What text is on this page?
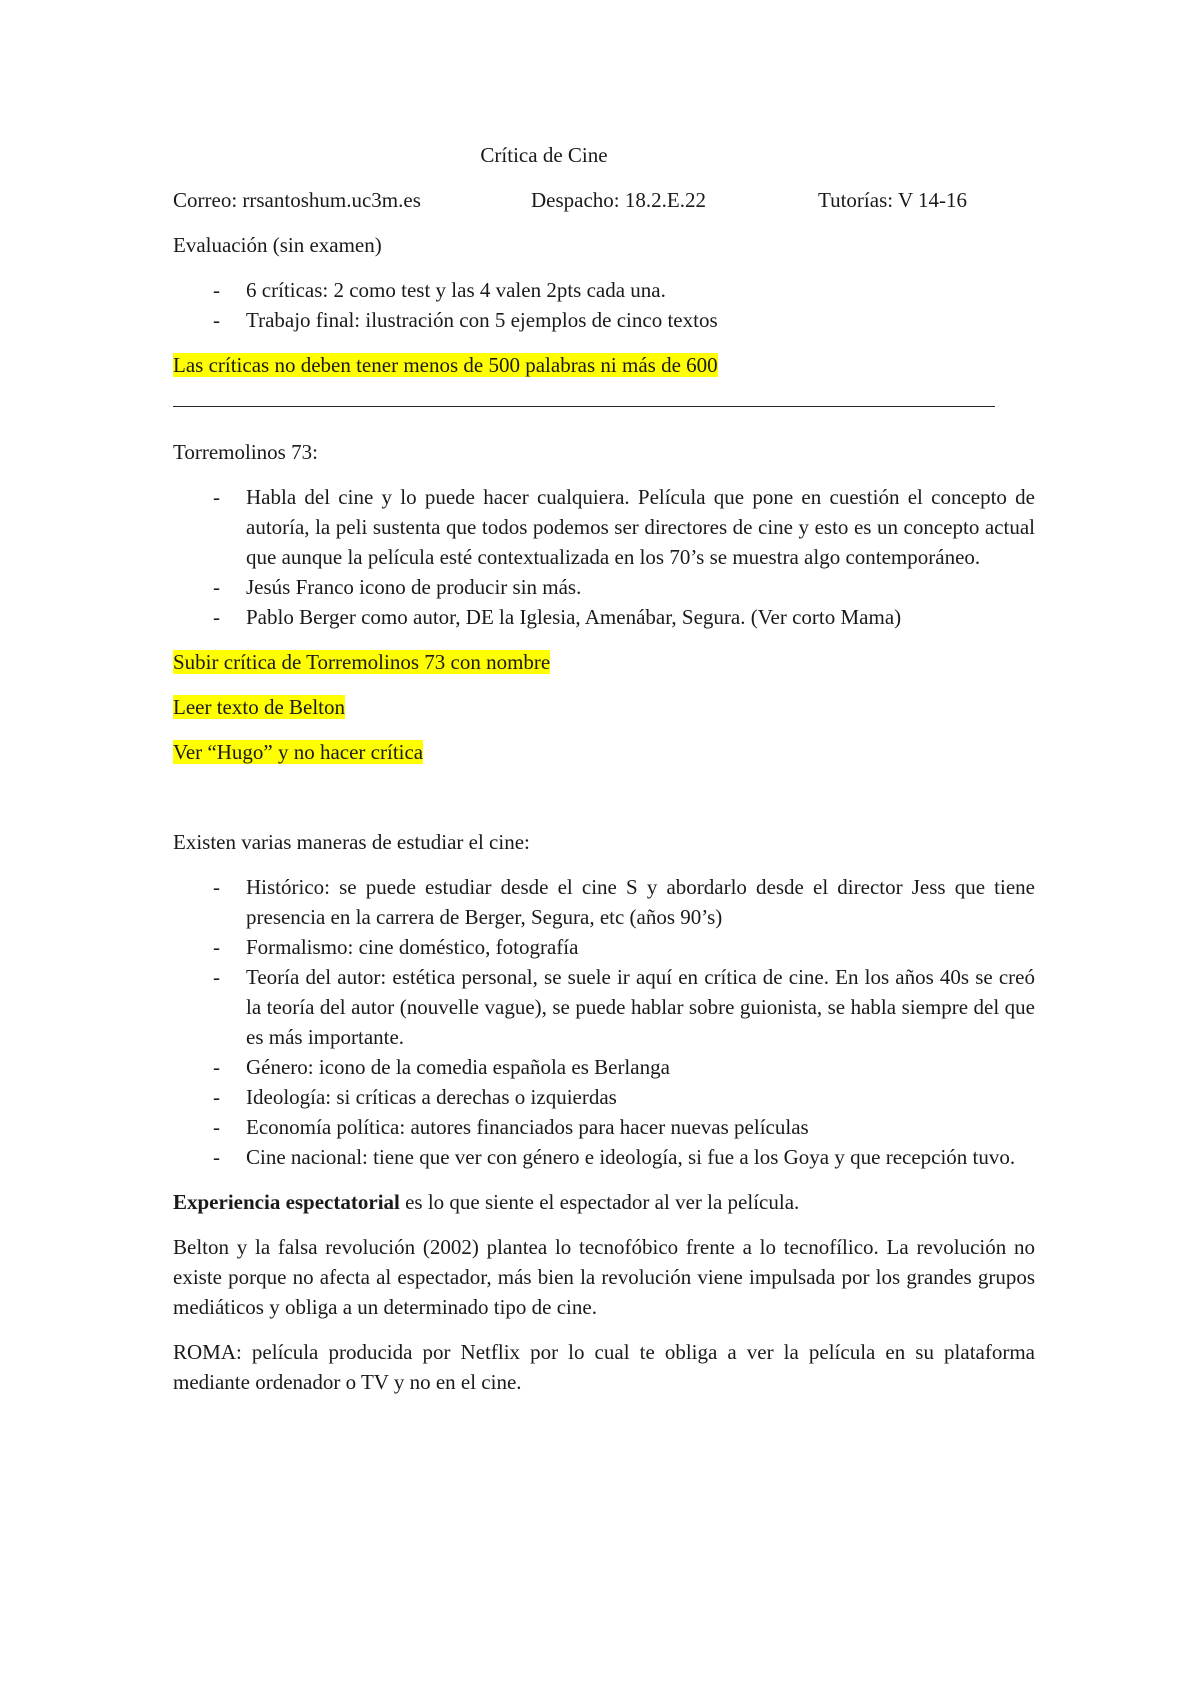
Crítica de Cine

Correo: rrsantoshum.uc3m.es	Despacho: 18.2.E.22	Tutorías: V 14-16

Evaluación (sin examen)

- 6 críticas: 2 como test y las 4 valen 2pts cada una.
- Trabajo final: ilustración con 5 ejemplos de cinco textos

Las críticas no deben tener menos de 500 palabras ni más de 600

Torremolinos 73:

- Habla del cine y lo puede hacer cualquiera. Película que pone en cuestión el concepto de autoría, la peli sustenta que todos podemos ser directores de cine y esto es un concepto actual que aunque la película esté contextualizada en los 70’s se muestra algo contemporáneo.
- Jesús Franco icono de producir sin más.
- Pablo Berger como autor, DE la Iglesia, Amenábar, Segura. (Ver corto Mama)

Subir crítica de Torremolinos 73 con nombre

Leer texto de Belton

Ver “Hugo” y no hacer crítica

Existen varias maneras de estudiar el cine:

- Histórico: se puede estudiar desde el cine S y abordarlo desde el director Jess que tiene presencia en la carrera de Berger, Segura, etc (años 90’s)
- Formalismo: cine doméstico, fotografía
- Teoría del autor: estética personal, se suele ir aquí en crítica de cine. En los años 40s se creó la teoría del autor (nouvelle vague), se puede hablar sobre guionista, se habla siempre del que es más importante.
- Género: icono de la comedia española es Berlanga
- Ideología: si críticas a derechas o izquierdas
- Economía política: autores financiados para hacer nuevas películas
- Cine nacional: tiene que ver con género e ideología, si fue a los Goya y que recepción tuvo.

Experiencia espectatorial es lo que siente el espectador al ver la película.

Belton y la falsa revolución (2002) plantea lo tecnofóbico frente a lo tecnofílico. La revolución no existe porque no afecta al espectador, más bien la revolución viene impulsada por los grandes grupos mediáticos y obliga a un determinado tipo de cine.

ROMA: película producida por Netflix por lo cual te obliga a ver la película en su plataforma mediante ordenador o TV y no en el cine.
